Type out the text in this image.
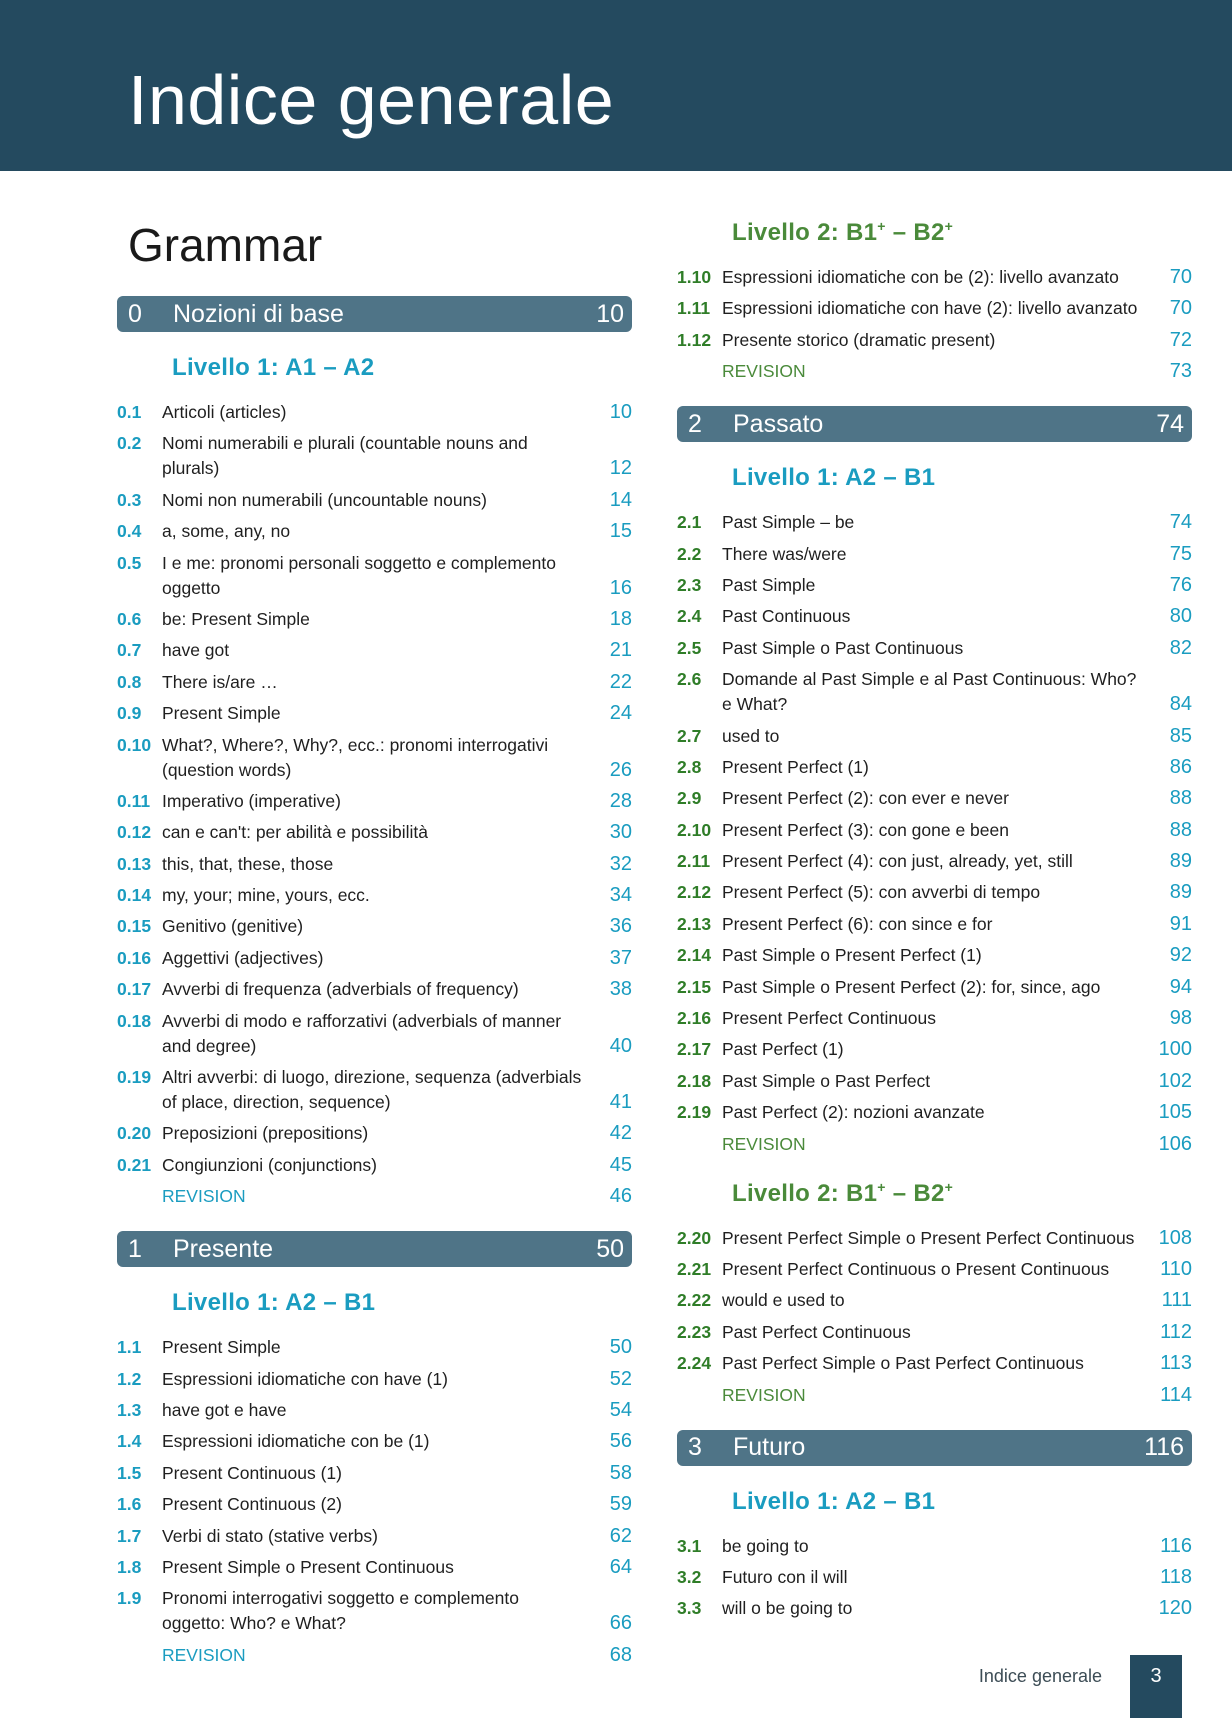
Indice generale
Grammar
0	Nozioni di base	10
Livello 1: A1 – A2
0.1	Articoli (articles)	10
0.2	Nomi numerabili e plurali (countable nouns and plurals)	12
0.3	Nomi non numerabili (uncountable nouns)	14
0.4	a, some, any, no	15
0.5	I e me: pronomi personali soggetto e complemento oggetto	16
0.6	be: Present Simple	18
0.7	have got	21
0.8	There is/are …	22
0.9	Present Simple	24
0.10 What?, Where?, Why?, ecc.: pronomi interrogativi (question words)	26
0.11 Imperativo (imperative)	28
0.12 can e can't: per abilità e possibilità	30
0.13 this, that, these, those	32
0.14 my, your; mine, yours, ecc.	34
0.15 Genitivo (genitive)	36
0.16 Aggettivi (adjectives)	37
0.17 Avverbi di frequenza (adverbials of frequency)	38
0.18 Avverbi di modo e rafforzativi (adverbials of manner and degree)	40
0.19 Altri avverbi: di luogo, direzione, sequenza (adverbials of place, direction, sequence)	41
0.20 Preposizioni (prepositions)	42
0.21 Congiunzioni (conjunctions)	45
REVISION	46
1	Presente	50
Livello 1: A2 – B1
1.1	Present Simple	50
1.2	Espressioni idiomatiche con have (1)	52
1.3	have got e have	54
1.4	Espressioni idiomatiche con be (1)	56
1.5	Present Continuous (1)	58
1.6	Present Continuous (2)	59
1.7	Verbi di stato (stative verbs)	62
1.8	Present Simple o Present Continuous	64
1.9	Pronomi interrogativi soggetto e complemento oggetto: Who? e What?	66
REVISION	68
Livello 2: B1+ – B2+
1.10 Espressioni idiomatiche con be (2): livello avanzato	70
1.11 Espressioni idiomatiche con have (2): livello avanzato	70
1.12 Presente storico (dramatic present)	72
REVISION	73
2	Passato	74
Livello 1: A2 – B1
2.1	Past Simple – be	74
2.2	There was/were	75
2.3	Past Simple	76
2.4	Past Continuous	80
2.5	Past Simple o Past Continuous	82
2.6	Domande al Past Simple e al Past Continuous: Who? e What?	84
2.7	used to	85
2.8	Present Perfect (1)	86
2.9	Present Perfect (2): con ever e never	88
2.10 Present Perfect (3): con gone e been	88
2.11 Present Perfect (4): con just, already, yet, still	89
2.12 Present Perfect (5): con avverbi di tempo	89
2.13 Present Perfect (6): con since e for	91
2.14 Past Simple o Present Perfect (1)	92
2.15 Past Simple o Present Perfect (2): for, since, ago	94
2.16 Present Perfect Continuous	98
2.17 Past Perfect (1)	100
2.18 Past Simple o Past Perfect	102
2.19 Past Perfect (2): nozioni avanzate	105
REVISION	106
Livello 2: B1+ – B2+
2.20 Present Perfect Simple o Present Perfect Continuous	108
2.21 Present Perfect Continuous o Present Continuous	110
2.22 would e used to	111
2.23 Past Perfect Continuous	112
2.24 Past Perfect Simple o Past Perfect Continuous	113
REVISION	114
3	Futuro	116
Livello 1: A2 – B1
3.1	be going to	116
3.2	Futuro con il will	118
3.3	will o be going to	120
Indice generale	3
